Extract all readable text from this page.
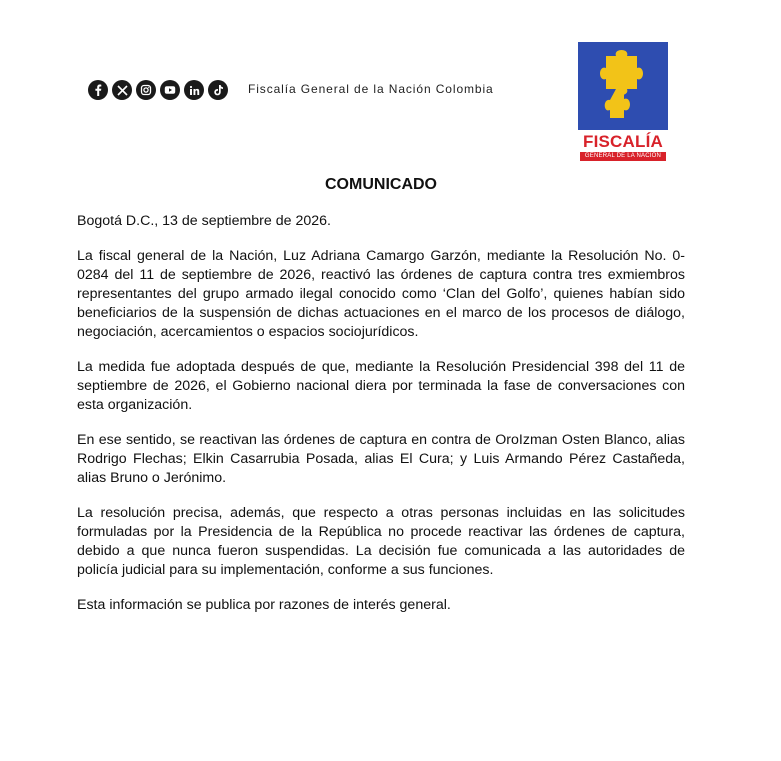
Fiscalía General de la Nación Colombia
FISCALÍA
GENERAL DE LA NACIÓN
COMUNICADO
Bogotá D.C., 13 de septiembre de 2026.

La fiscal general de la Nación, Luz Adriana Camargo Garzón, mediante la Resolución No. 0-0284 del 11 de septiembre de 2026, reactivó las órdenes de captura contra tres exmiembros representantes del grupo armado ilegal conocido como ‘Clan del Golfo’, quienes habían sido beneficiarios de la suspensión de dichas actuaciones en el marco de los procesos de diálogo, negociación, acercamientos o espacios sociojurídicos.

La medida fue adoptada después de que, mediante la Resolución Presidencial 398 del 11 de septiembre de 2026, el Gobierno nacional diera por terminada la fase de conversaciones con esta organización.

En ese sentido, se reactivan las órdenes de captura en contra de OroIzman Osten Blanco, alias Rodrigo Flechas; Elkin Casarrubia Posada, alias El Cura; y Luis Armando Pérez Castañeda, alias Bruno o Jerónimo.

La resolución precisa, además, que respecto a otras personas incluidas en las solicitudes formuladas por la Presidencia de la República no procede reactivar las órdenes de captura, debido a que nunca fueron suspendidas. La decisión fue comunicada a las autoridades de policía judicial para su implementación, conforme a sus funciones.

Esta información se publica por razones de interés general.
